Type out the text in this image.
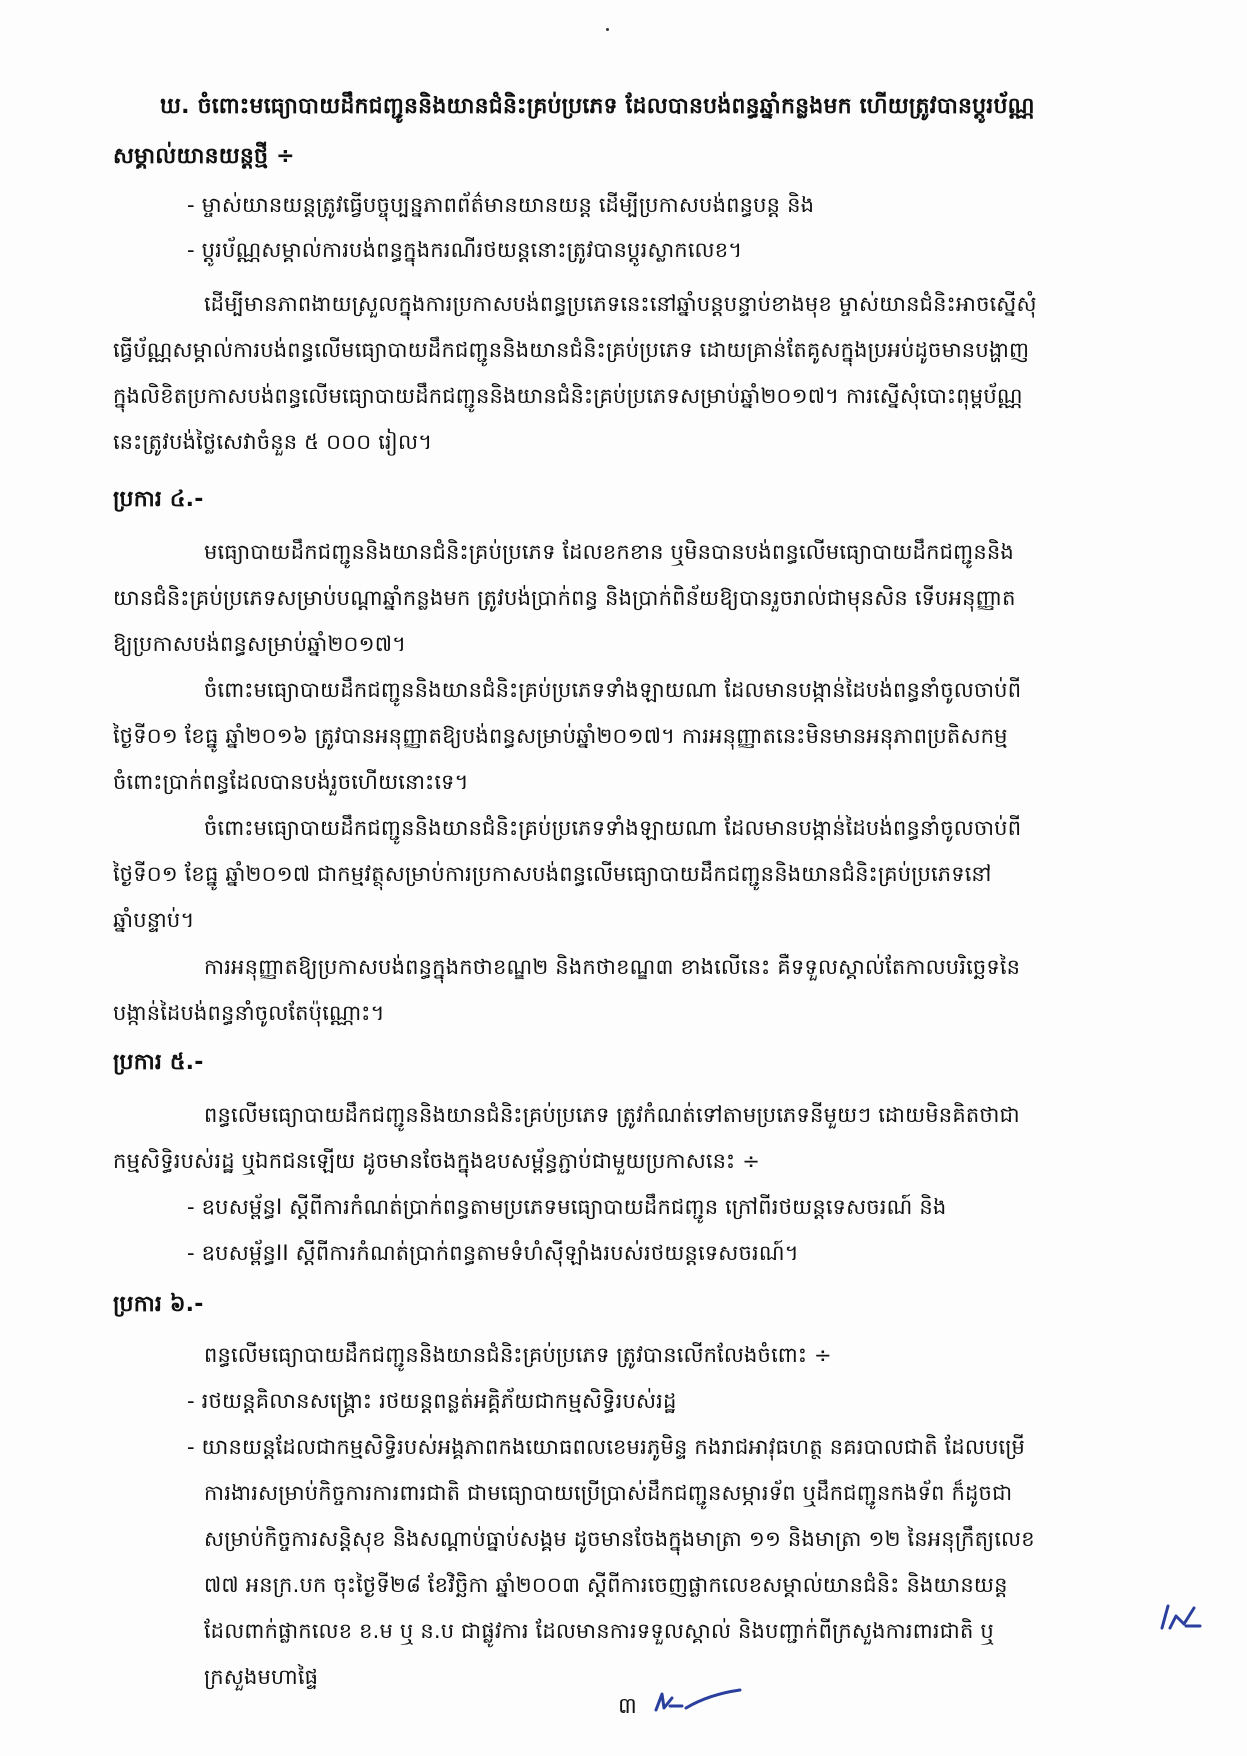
ឃ. ចំពោះមធ្យោបាយដឹកជញ្ជូននិងយានជំនិះគ្រប់ប្រភេទ ដែលបានបង់ពន្ធឆ្នាំកន្លងមក ហើយត្រូវបានប្ដូរប័ណ្ណ
សម្គាល់យានយន្តថ្មី ÷
- ម្ចាស់យានយន្តត្រូវធ្វើបច្ចុប្បន្នភាពព័ត៌មានយានយន្ត ដើម្បីប្រកាសបង់ពន្ធបន្ត និង
- ប្ដូរប័ណ្ណសម្គាល់ការបង់ពន្ធក្នុងករណីរថយន្តនោះត្រូវបានប្ដូរស្លាកលេខ។
ដើម្បីមានភាពងាយស្រួលក្នុងការប្រកាសបង់ពន្ធប្រភេទនេះនៅឆ្នាំបន្តបន្ទាប់ខាងមុខ ម្ចាស់យានជំនិះអាចស្នើសុំ
ធ្វើប័ណ្ណសម្គាល់ការបង់ពន្ធលើមធ្យោបាយដឹកជញ្ជូននិងយានជំនិះគ្រប់ប្រភេទ ដោយគ្រាន់តែគូសក្នុងប្រអប់ដូចមានបង្ហាញ
ក្នុងលិខិតប្រកាសបង់ពន្ធលើមធ្យោបាយដឹកជញ្ជូននិងយានជំនិះគ្រប់ប្រភេទសម្រាប់ឆ្នាំ២០១៧។ ការស្នើសុំបោះពុម្ពប័ណ្ណ
នេះត្រូវបង់ថ្លៃសេវាចំនួន ៥ ០០០ រៀល។
ប្រការ ៤.-
មធ្យោបាយដឹកជញ្ជូននិងយានជំនិះគ្រប់ប្រភេទ ដែលខកខាន ឬមិនបានបង់ពន្ធលើមធ្យោបាយដឹកជញ្ជូននិង
យានជំនិះគ្រប់ប្រភេទសម្រាប់បណ្ដាឆ្នាំកន្លងមក ត្រូវបង់ប្រាក់ពន្ធ និងប្រាក់ពិន័យឱ្យបានរួចរាល់ជាមុនសិន ទើបអនុញ្ញាត
ឱ្យប្រកាសបង់ពន្ធសម្រាប់ឆ្នាំ២០១៧។
ចំពោះមធ្យោបាយដឹកជញ្ជូននិងយានជំនិះគ្រប់ប្រភេទទាំងឡាយណា ដែលមានបង្កាន់ដៃបង់ពន្ធនាំចូលចាប់ពី
ថ្ងៃទី០១ ខែធ្នូ ឆ្នាំ២០១៦ ត្រូវបានអនុញ្ញាតឱ្យបង់ពន្ធសម្រាប់ឆ្នាំ២០១៧។ ការអនុញ្ញាតនេះមិនមានអនុភាពប្រតិសកម្ម
ចំពោះប្រាក់ពន្ធដែលបានបង់រួចហើយនោះទេ។
ចំពោះមធ្យោបាយដឹកជញ្ជូននិងយានជំនិះគ្រប់ប្រភេទទាំងឡាយណា ដែលមានបង្កាន់ដៃបង់ពន្ធនាំចូលចាប់ពី
ថ្ងៃទី០១ ខែធ្នូ ឆ្នាំ២០១៧ ជាកម្មវត្ថុសម្រាប់ការប្រកាសបង់ពន្ធលើមធ្យោបាយដឹកជញ្ជូននិងយានជំនិះគ្រប់ប្រភេទនៅ
ឆ្នាំបន្ទាប់។
ការអនុញ្ញាតឱ្យប្រកាសបង់ពន្ធក្នុងកថាខណ្ឌ២ និងកថាខណ្ឌ៣ ខាងលើនេះ គឺទទួលស្គាល់តែកាលបរិច្ឆេទនៃ
បង្កាន់ដៃបង់ពន្ធនាំចូលតែប៉ុណ្ណោះ។
ប្រការ ៥.-
ពន្ធលើមធ្យោបាយដឹកជញ្ជូននិងយានជំនិះគ្រប់ប្រភេទ ត្រូវកំណត់ទៅតាមប្រភេទនីមួយៗ ដោយមិនគិតថាជា
កម្មសិទ្ធិរបស់រដ្ឋ ឬឯកជនឡើយ ដូចមានចែងក្នុងឧបសម្ព័ន្ធភ្ជាប់ជាមួយប្រកាសនេះ ÷
- ឧបសម្ព័ន្ធI ស្ដីពីការកំណត់ប្រាក់ពន្ធតាមប្រភេទមធ្យោបាយដឹកជញ្ជូន ក្រៅពីរថយន្តទេសចរណ៍ និង
- ឧបសម្ព័ន្ធII ស្ដីពីការកំណត់ប្រាក់ពន្ធតាមទំហំស៊ីឡាំងរបស់រថយន្តទេសចរណ៍។
ប្រការ ៦.-
ពន្ធលើមធ្យោបាយដឹកជញ្ជូននិងយានជំនិះគ្រប់ប្រភេទ ត្រូវបានលើកលែងចំពោះ ÷
- រថយន្តគិលានសង្គ្រោះ រថយន្តពន្លត់អគ្គិភ័យជាកម្មសិទ្ធិរបស់រដ្ឋ
- យានយន្តដែលជាកម្មសិទ្ធិរបស់អង្គភាពកងយោធពលខេមរភូមិន្ទ កងរាជអាវុធហត្ថ នគរបាលជាតិ ដែលបម្រើ
ការងារសម្រាប់កិច្ចការការពារជាតិ ជាមធ្យោបាយប្រើប្រាស់ដឹកជញ្ជូនសម្ភារទ័ព ឬដឹកជញ្ជូនកងទ័ព ក៏ដូចជា
សម្រាប់កិច្ចការសន្តិសុខ និងសណ្ដាប់ធ្នាប់សង្គម ដូចមានចែងក្នុងមាត្រា ១១ និងមាត្រា ១២ នៃអនុក្រឹត្យលេខ
៧៧ អនក្រ.បក ចុះថ្ងៃទី២៨ ខែវិច្ឆិកា ឆ្នាំ២០០៣ ស្ដីពីការចេញផ្លាកលេខសម្គាល់យានជំនិះ និងយានយន្ត
ដែលពាក់ផ្លាកលេខ ខ.ម ឬ ន.ប ជាផ្លូវការ ដែលមានការទទួលស្គាល់ និងបញ្ជាក់ពីក្រសួងការពារជាតិ ឬ
ក្រសួងមហាផ្ទៃ
៣
